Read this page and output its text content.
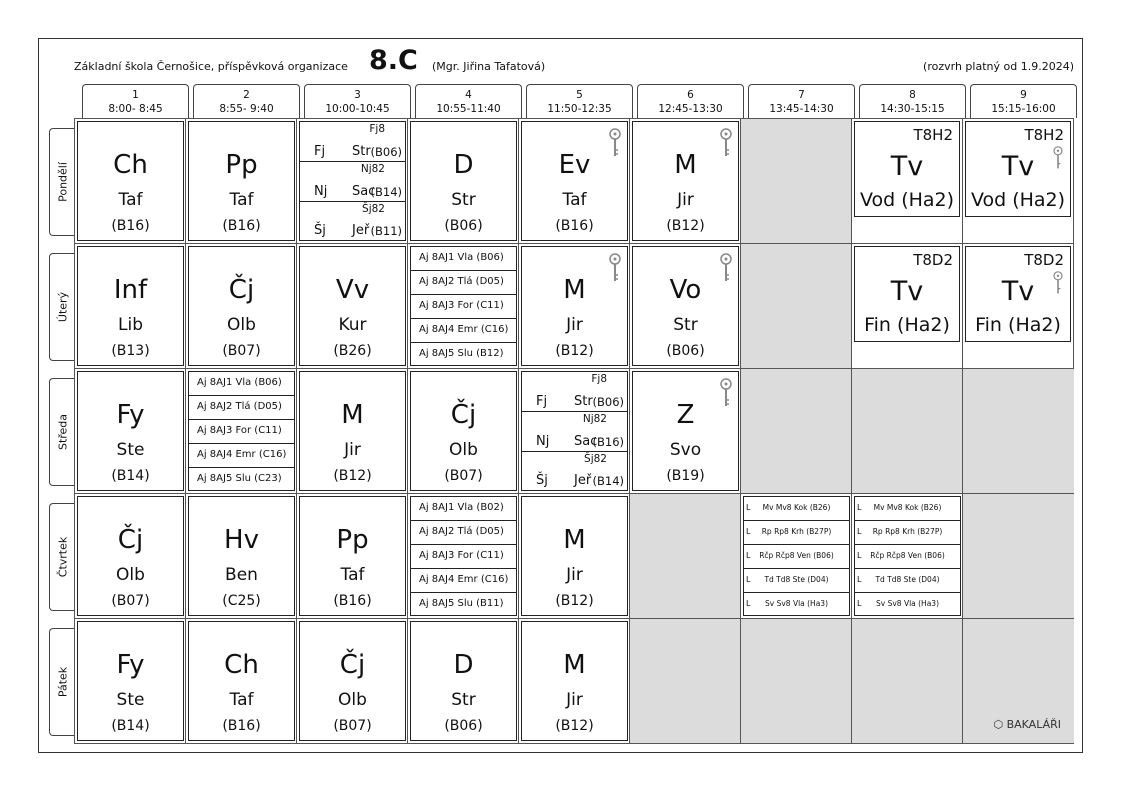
Základní škola Černošice, příspěvková organizace 8.C (Mgr. Jiřina Tafatová)	(rozvrh platný od 1.9.2024)
1
8:00- 8:45
2
8:55- 9:40
3
10:00-10:45
4
10:55-11:40
5
11:50-12:35
6
12:45-13:30
7
13:45-14:30
8
14:30-15:15
9
15:15-16:00
Pondělí
Úterý
Středa
Čtvrtek
Pátek
Ch
Taf
(B16)
Pp
Taf
(B16)
Fj8
Fj Str (B06)
Nj82
Nj Sac
(B14)
Šj82
Šj Jeř (B11)
D
Str
(B06)
Ev
Taf
(B16)
M
Jir
(B12)
T8H2
Tv
Vod (Ha2)
T8H2
Tv
Vod (Ha2)
Inf
Lib
(B13)
Čj
Olb
(B07)
Vv
Kur
(B26)
Aj 8AJ1 Vla (B06)
Aj 8AJ2 Tlá (D05)
Aj 8AJ3 For (C11)
Aj 8AJ4 Emr (C16)
Aj 8AJ5 Slu (B12)
M
Jir
(B12)
Vo
Str
(B06)
T8D2
Tv
Fin (Ha2)
T8D2
Tv
Fin (Ha2)
Fy
Ste
(B14)
Aj 8AJ1 Vla (B06)
Aj 8AJ2 Tlá (D05)
Aj 8AJ3 For (C11)
Aj 8AJ4 Emr (C16)
Aj 8AJ5 Slu (C23)
M
Jir
(B12)
Čj
Olb
(B07)
Fj8
Fj Str (B06)
Nj82
Nj Sac
(B16)
Šj82
Šj Jeř (B14)
Z
Svo
(B19)
Čj
Olb
(B07)
Hv
Ben
(C25)
Pp
Taf
(B16)
Aj 8AJ1 Vla (B02)
Aj 8AJ2 Tlá (D05)
Aj 8AJ3 For (C11)
Aj 8AJ4 Emr (C16)
Aj 8AJ5 Slu (B11)
M
Jir
(B12)
L Mv Mv8 Kok (B26)
L Rp Rp8 Krh (B27P)
L Rčp Rčp8 Ven (B06)
L Td Td8 Ste (D04)
L Sv Sv8 Vla (Ha3)
L Mv Mv8 Kok (B26)
L Rp Rp8 Krh (B27P)
L Rčp Rčp8 Ven (B06)
L Td Td8 Ste (D04)
L Sv Sv8 Vla (Ha3)
Fy
Ste
(B14)
Ch
Taf
(B16)
Čj
Olb
(B07)
D
Str
(B06)
M
Jir
(B12)	⬡ BAKALÁŘI
